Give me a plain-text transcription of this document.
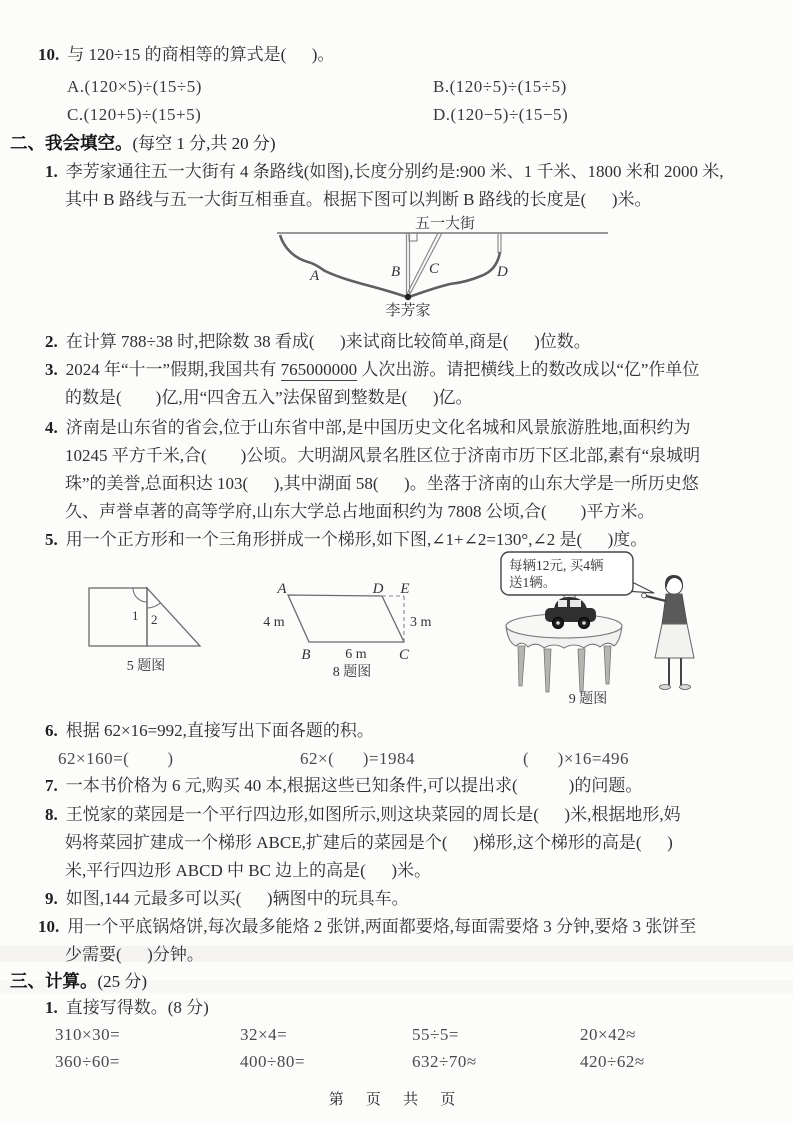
10. 与 120÷15 的商相等的算式是(      )。
A.(120×5)÷(15÷5)	B.(120÷5)÷(15÷5)
C.(120+5)÷(15+5)	D.(120−5)÷(15−5)
二、我会填空。(每空 1 分,共 20 分)
1. 李芳家通往五一大街有 4 条路线(如图),长度分别约是:900 米、1 千米、1800 米和 2000 米,
其中 B 路线与五一大街互相垂直。根据下图可以判断 B 路线的长度是(      )米。
五一大街
A	B C	D
李芳家
2. 在计算 788÷38 时,把除数 38 看成(      )来试商比较简单,商是(      )位数。
3. 2024 年“十一”假期,我国共有 765000000 人次出游。请把横线上的数改成以“亿”作单位
的数是(        )亿,用“四舍五入”法保留到整数是(      )亿。
4. 济南是山东省的省会,位于山东省中部,是中国历史文化名城和风景旅游胜地,面积约为
10245 平方千米,合(        )公顷。大明湖风景名胜区位于济南市历下区北部,素有“泉城明
珠”的美誉,总面积达 103(      ),其中湖面 58(      )。坐落于济南的山东大学是一所历史悠
久、声誉卓著的高等学府,山东大学总占地面积约为 7808 公顷,合(        )平方米。
5. 用一个正方形和一个三角形拼成一个梯形,如下图,∠1+∠2=130°,∠2 是(      )度。
1 2
5 题图
A	D E
B	C
4 m
6 m
3 m
8 题图
每辆12元, 买4辆
送1辆。
9 题图
6. 根据 62×16=992,直接写出下面各题的积。
62×160=(        )	62×(      )=1984	(      )×16=496
7. 一本书价格为 6 元,购买 40 本,根据这些已知条件,可以提出求(            )的问题。
8. 王悦家的菜园是一个平行四边形,如图所示,则这块菜园的周长是(      )米,根据地形,妈
妈将菜园扩建成一个梯形 ABCE,扩建后的菜园是个(      )梯形,这个梯形的高是(      )
米,平行四边形 ABCD 中 BC 边上的高是(      )米。
9. 如图,144 元最多可以买(      )辆图中的玩具车。
10. 用一个平底锅烙饼,每次最多能烙 2 张饼,两面都要烙,每面需要烙 3 分钟,要烙 3 张饼至
少需要(      )分钟。
三、计算。(25 分)
1. 直接写得数。(8 分)
310×30=	32×4=	55÷5=	20×42≈
360÷60=	400÷80=	632÷70≈	420÷62≈
第 页 共 页
